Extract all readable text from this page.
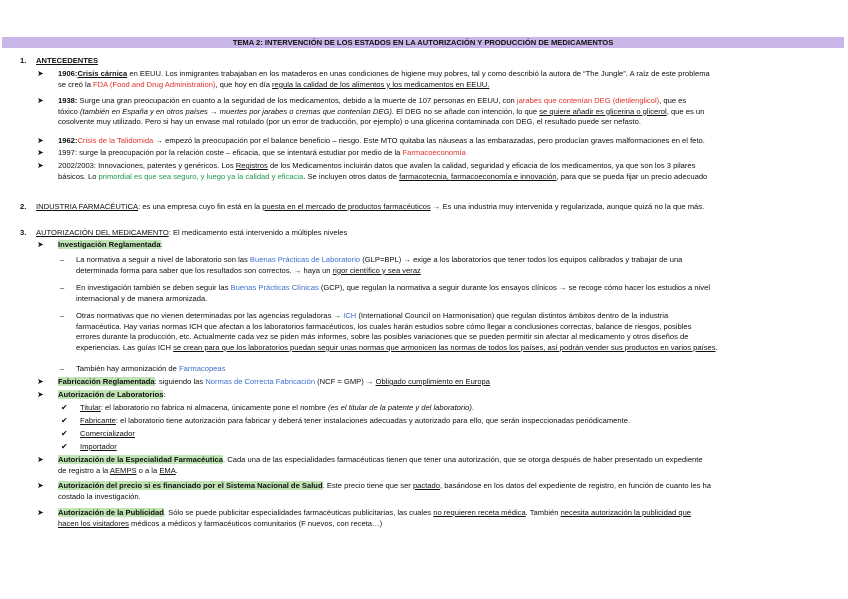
TEMA 2: INTERVENCIÓN DE LOS ESTADOS EN LA AUTORIZACIÓN Y PRODUCCIÓN DE MEDICAMENTOS
1. ANTECEDENTES
➤ 1906:Crisis cárnica en EEUU. Los inmigrantes trabajaban en los mataderos en unas condiciones de higiene muy pobres, tal y como describió la autora de “The Jungle”. A raíz de este problema
se creó la FDA (Food and Drug Administration), que hoy en día regula la calidad de los alimentos y los medicamentos en EEUU.
➤ 1938: Surge una gran preocupación en cuanto a la seguridad de los medicamentos, debido a la muerte de 107 personas en EEUU, con jarabes que contenían DEG (dietilenglicol), que es
tóxico (también en España y en otros países → muertes por jarabes o cremas que contenían DEG). El DEG no se añade con intención, lo que se quiere añadir es glicerina o glicerol, que es un
cosolvente muy utilizado. Pero si hay un envase mal rotulado (por un error de traducción, por ejemplo) o una glicerina contaminada con DEG, el resultado puede ser nefasto.
➤ 1962:Crisis de la Talidomida → empezó la preocupación por el balance beneficio – riesgo. Este MTO quitaba las náuseas a las embarazadas, pero producían graves malformaciones en el feto.
➤ 1997: surge la preocupación por la relación coste – eficacia, que se intentará estudiar por medio de la Farmacoeconomía
➤ 2002/2003: Innovaciones, patentes y genéricos. Los Registros de los Medicamentos incluirán datos que avalen la calidad, seguridad y eficacia de los medicamentos, ya que son los 3 pilares
básicos. Lo primordial es que sea seguro, y luego ya la calidad y eficacia. Se incluyen otros datos de farmacotecnia, farmacoeconomía e innovación, para que se pueda fijar un precio adecuado
2. INDUSTRIA FARMACÉUTICA: es una empresa cuyo fin está en la puesta en el mercado de productos farmacéuticos → Es una industria muy intervenida y regularizada, aunque quizá no la que más.
3. AUTORIZACIÓN DEL MEDICAMENTO: El medicamento está intervenido a múltiples niveles
➤ Investigación Reglamentada:
– La normativa a seguir a nivel de laboratorio son las Buenas Prácticas de Laboratorio (GLP=BPL) → exige a los laboratorios que tener todos los equipos calibrados y trabajar de una
determinada forma para saber que los resultados son correctos. → haya un rigor científico y sea veraz
– En investigación también se deben seguir las Buenas Prácticas Clínicas (GCP), que regulan la normativa a seguir durante los ensayos clínicos → se recoge cómo hacer los estudios a nivel
internacional y de manera armonizada.
– Otras normativas que no vienen determinadas por las agencias reguladoras → ICH (International Council on Harmonisation) que regulan distintos ámbitos dentro de la industria
farmacéutica. Hay varias normas ICH que afectan a los laboratorios farmacéuticos, los cuales harán estudios sobre cómo llegar a conclusiones correctas, balance de riesgos, posibles
errores durante la producción, etc. Actualmente cada vez se piden más informes, sobre las posibles variaciones que se pueden permitir sin afectar al medicamento y otros diseños de
experiencias. Las guías ICH se crean para que los laboratorios puedan seguir unas normas que armonicen las normas de todos los países, así podrán vender sus productos en varios países.
– También hay armonización de Farmacopeas
➤ Fabricación Reglamentada: siguiendo las Normas de Correcta Fabricación (NCF = GMP) → Obligado cumplimiento en Europa
➤ Autorización de Laboratorios:
✔ Titular: el laboratorio no fabrica ni almacena, únicamente pone el nombre (es el titular de la patente y del laboratorio).
✔ Fabricante: el laboratorio tiene autorización para fabricar y deberá tener instalaciones adecuadas y autorizado para ello, que serán inspeccionadas periódicamente.
✔ Comercializador
✔ Importador
➤ Autorización de la Especialidad Farmacéutica. Cada una de las especialidades farmacéuticas tienen que tener una autorización, que se otorga después de haber presentado un expediente
de registro a la AEMPS o a la EMA.
➤ Autorización del precio si es financiado por el Sistema Nacional de Salud. Este precio tiene que ser pactado, basándose en los datos del expediente de registro, en función de cuanto les ha
costado la investigación.
➤ Autorización de la Publicidad. Sólo se puede publicitar especialidades farmacéuticas publicitarias, las cuales no requieren receta médica. También necesita autorización la publicidad que
hacen los visitadores médicos a médicos y farmacéuticos comunitarios (F nuevos, con receta…)
